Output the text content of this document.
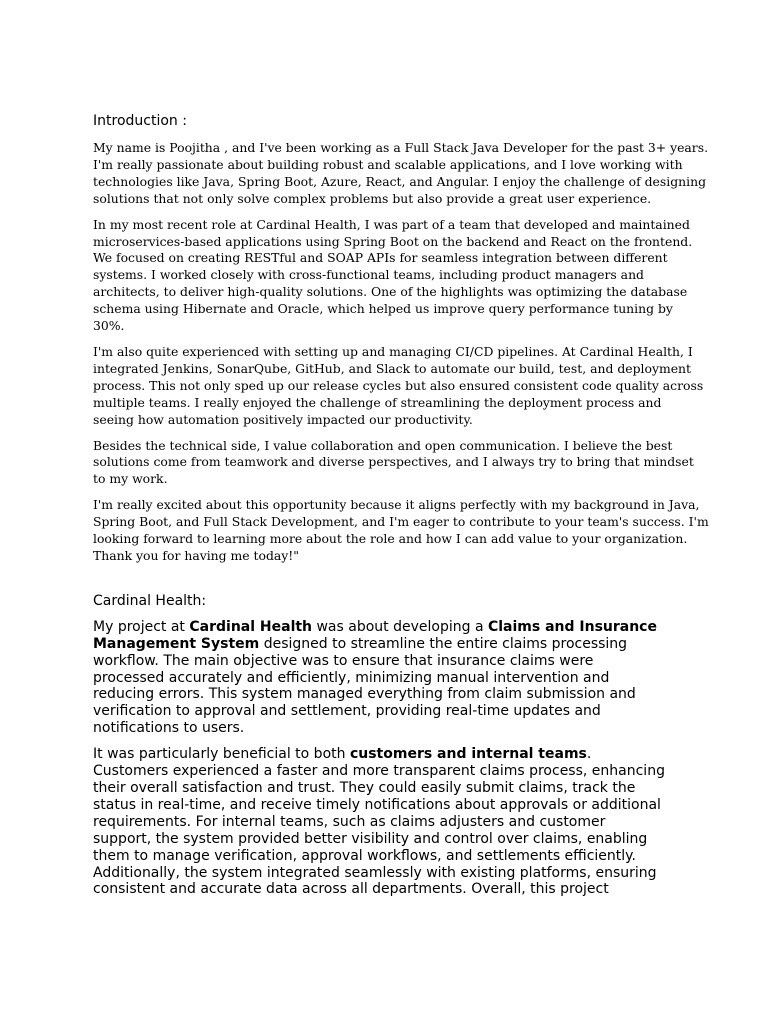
Introduction :

My name is Poojitha , and I've been working as a Full Stack Java Developer for the past 3+ years.
I'm really passionate about building robust and scalable applications, and I love working with
technologies like Java, Spring Boot, Azure, React, and Angular. I enjoy the challenge of designing
solutions that not only solve complex problems but also provide a great user experience.
In my most recent role at Cardinal Health, I was part of a team that developed and maintained
microservices-based applications using Spring Boot on the backend and React on the frontend.
We focused on creating RESTful and SOAP APIs for seamless integration between different
systems. I worked closely with cross-functional teams, including product managers and
architects, to deliver high-quality solutions. One of the highlights was optimizing the database
schema using Hibernate and Oracle, which helped us improve query performance tuning by
30%.
I'm also quite experienced with setting up and managing CI/CD pipelines. At Cardinal Health, I
integrated Jenkins, SonarQube, GitHub, and Slack to automate our build, test, and deployment
process. This not only sped up our release cycles but also ensured consistent code quality across
multiple teams. I really enjoyed the challenge of streamlining the deployment process and
seeing how automation positively impacted our productivity.
Besides the technical side, I value collaboration and open communication. I believe the best
solutions come from teamwork and diverse perspectives, and I always try to bring that mindset
to my work.
I'm really excited about this opportunity because it aligns perfectly with my background in Java,
Spring Boot, and Full Stack Development, and I'm eager to contribute to your team's success. I'm
looking forward to learning more about the role and how I can add value to your organization.
Thank you for having me today!"

Cardinal Health:

My project at Cardinal Health was about developing a Claims and Insurance
Management System designed to streamline the entire claims processing
workflow. The main objective was to ensure that insurance claims were
processed accurately and efficiently, minimizing manual intervention and
reducing errors. This system managed everything from claim submission and
verification to approval and settlement, providing real-time updates and
notifications to users.
It was particularly beneficial to both customers and internal teams.
Customers experienced a faster and more transparent claims process, enhancing
their overall satisfaction and trust. They could easily submit claims, track the
status in real-time, and receive timely notifications about approvals or additional
requirements. For internal teams, such as claims adjusters and customer
support, the system provided better visibility and control over claims, enabling
them to manage verification, approval workflows, and settlements efficiently.
Additionally, the system integrated seamlessly with existing platforms, ensuring
consistent and accurate data across all departments. Overall, this project
